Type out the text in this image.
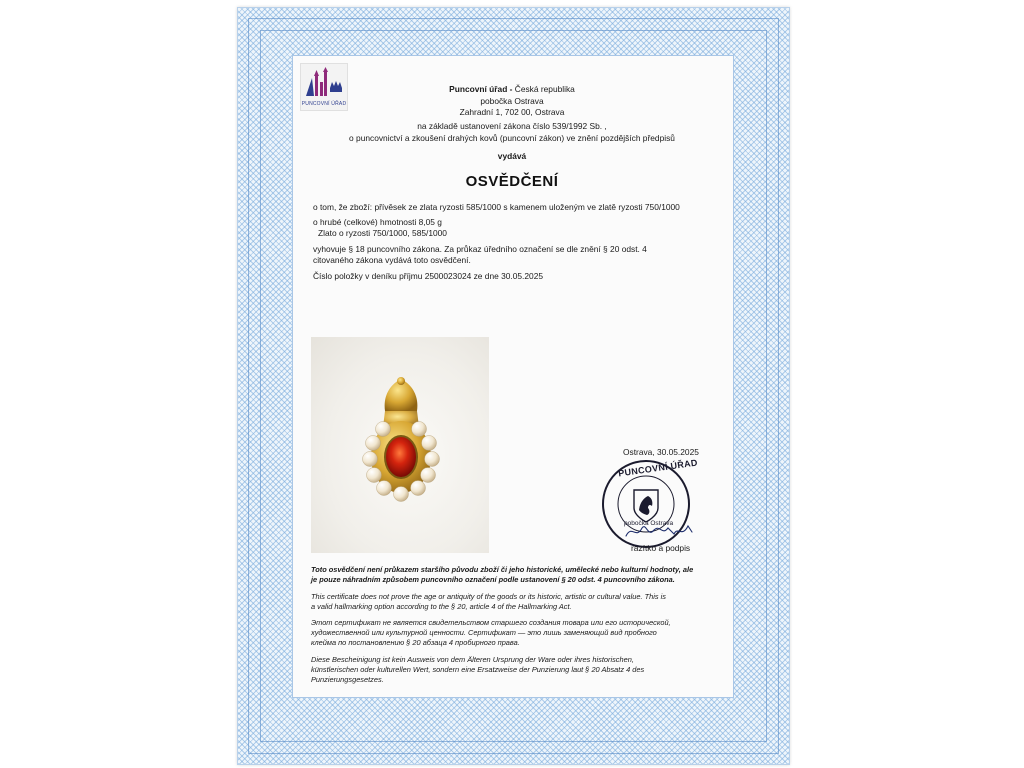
PUNCOVNÍ ÚŘAD
Puncovní úřad - Česká republika
pobočka Ostrava
Zahradní 1, 702 00, Ostrava
na základě ustanovení zákona číslo 539/1992 Sb. ,
o puncovnictví a zkoušení drahých kovů (puncovní zákon) ve znění pozdějších předpisů
vydává
OSVĚDČENÍ
o tom, že zboží: přívěsek ze zlata ryzosti 585/1000 s kamenem uloženým ve zlatě ryzosti 750/1000
o hrubé (celkové) hmotnosti 8,05 g
Zlato o ryzosti 750/1000, 585/1000
vyhovuje § 18 puncovního zákona. Za průkaz úředního označení se dle znění § 20 odst. 4
citovaného zákona vydává toto osvědčení.
Číslo položky v deníku příjmu 2500023024 ze dne 30.05.2025
Ostrava, 30.05.2025
PUNCOVNÍ ÚŘAD
pobočka Ostrava
razítko a podpis
Toto osvědčení není průkazem staršího původu zboží či jeho historické, umělecké nebo kulturní hodnoty, ale
je pouze náhradním způsobem puncovního označení podle ustanovení § 20 odst. 4 puncovního zákona.
This certificate does not prove the age or antiquity of the goods or its historic, artistic or cultural value. This is
a valid hallmarking option according to the § 20, article 4 of the Hallmarking Act.
Этот сертификат не является свидетельством старшего создания товара или его исторической,
художественной или культурной ценности. Сертификат — это лишь заменяющий вид пробного
клейма по постановлению § 20 абзаца 4 пробирного права.
Diese Bescheinigung ist kein Ausweis von dem Älteren Ursprung der Ware oder ihres historischen,
künstlerischen oder kulturellen Wert, sondern eine Ersatzweise der Punzierung laut § 20 Absatz 4 des
Punzierungsgesetzes.
